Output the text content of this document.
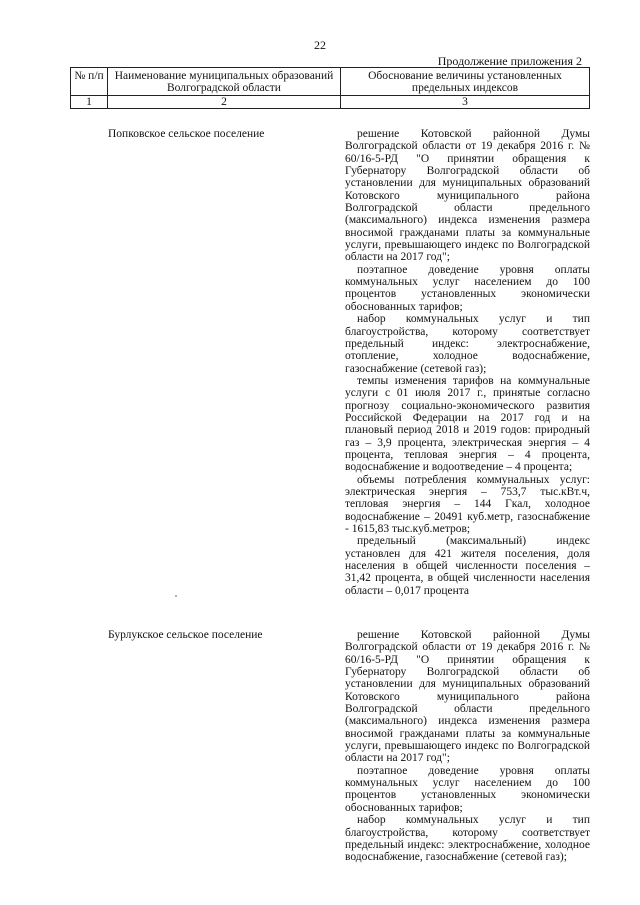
22
Продолжение приложения 2
№ п/п	Наименование муниципальных образований Волгоградской области	Обоснование величины установленных предельных индексов
1	2	3
Попковское сельское поселение	решение Котовской районной Думы Волгоградской области от 19 декабря 2016 г. № 60/16-5-РД "О принятии обращения к Губернатору Волгоградской области об установлении для муниципальных образований Котовского муниципального района Волгоградской области предельного (максимального) индекса изменения размера вносимой гражданами платы за коммунальные услуги, превышающего индекс по Волгоградской области на 2017 год";

поэтапное доведение уровня оплаты коммунальных услуг населением до 100 процентов установленных экономически обоснованных тарифов;

набор коммунальных услуг и тип благоустройства, которому соответствует предельный индекс: электроснабжение, отопление, холодное водоснабжение, газоснабжение (сетевой газ);

темпы изменения тарифов на коммунальные услуги с 01 июля 2017 г., принятые согласно прогнозу социально-экономического развития Российской Федерации на 2017 год и на плановый период 2018 и 2019 годов: природный газ – 3,9 процента, электрическая энергия – 4 процента, тепловая энергия – 4 процента, водоснабжение и водоотведение – 4 процента;

объемы потребления коммунальных услуг: электрическая энергия – 753,7 тыс.кВт.ч, тепловая энергия – 144 Гкал, холодное водоснабжение – 20491 куб.метр, газоснабжение - 1615,83 тыс.куб.метров;

предельный (максимальный) индекс установлен для 421 жителя поселения, доля населения в общей численности поселения – 31,42 процента, в общей численности населения области – 0,017 процента

Бурлукское сельское поселение	решение Котовской районной Думы Волгоградской области от 19 декабря 2016 г. № 60/16-5-РД "О принятии обращения к Губернатору Волгоградской области об установлении для муниципальных образований Котовского муниципального района Волгоградской области предельного (максимального) индекса изменения размера вносимой гражданами платы за коммунальные услуги, превышающего индекс по Волгоградской области на 2017 год";

поэтапное доведение уровня оплаты коммунальных услуг населением до 100 процентов установленных экономически обоснованных тарифов;

набор коммунальных услуг и тип благоустройства, которому соответствует предельный индекс: электроснабжение, холодное водоснабжение, газоснабжение (сетевой газ);
